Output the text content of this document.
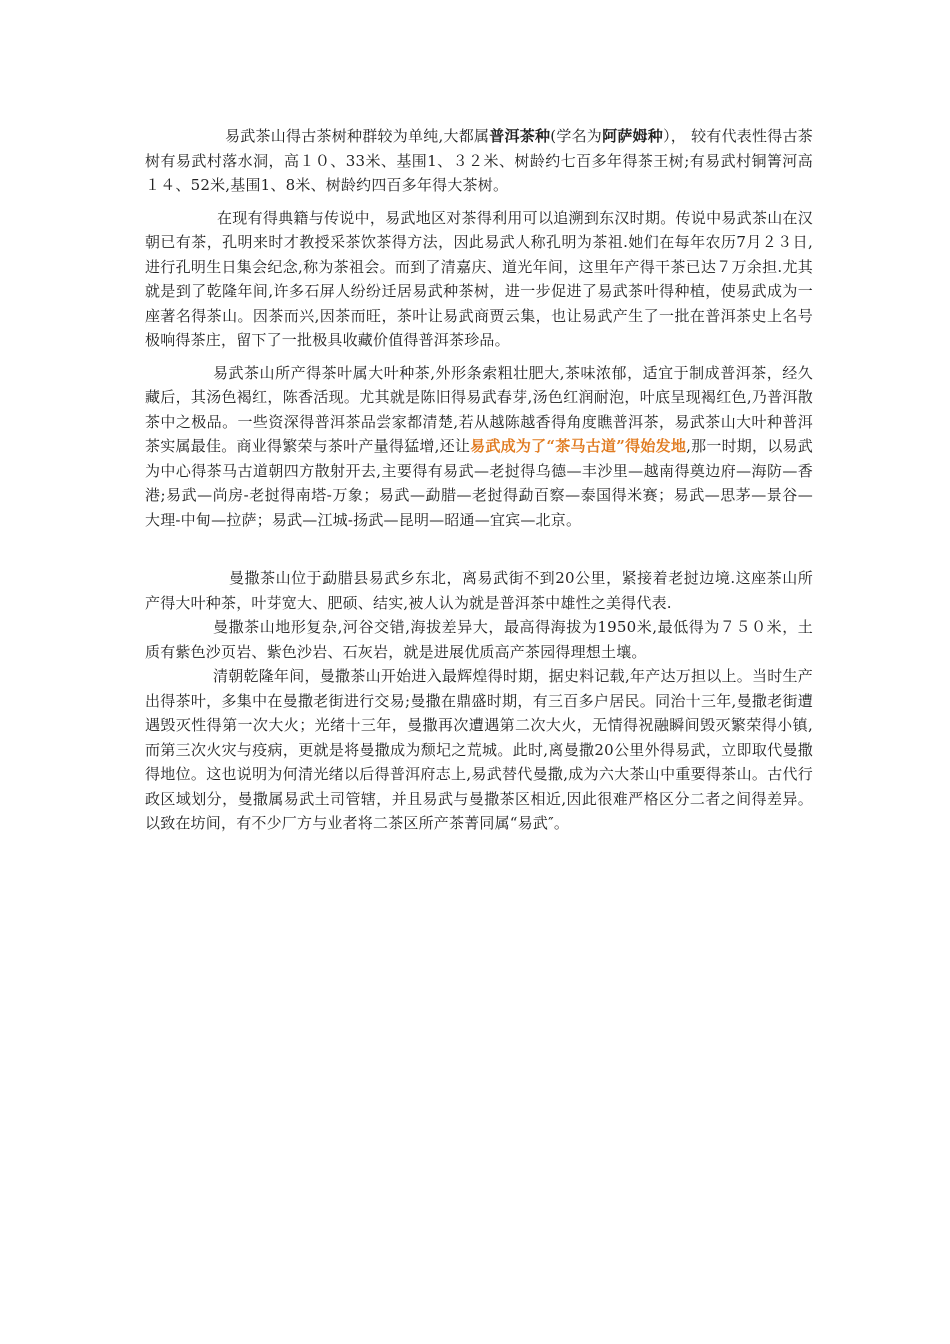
易武茶山得古茶树种群较为单纯,大都属普洱茶种(学名为阿萨姆种）， 较有代表性得古茶树有易武村落水洞，高１０、33米、基围1、３２米、树龄约七百多年得茶王树;有易武村铜箐河高１４、52米,基围1、8米、树龄约四百多年得大茶树。

在现有得典籍与传说中，易武地区对茶得利用可以追溯到东汉时期。传说中易武茶山在汉朝已有茶，孔明来时才教授采茶饮茶得方法，因此易武人称孔明为茶祖.她们在每年农历7月２３日,进行孔明生日集会纪念,称为茶祖会。而到了清嘉庆、道光年间，这里年产得干茶已达７万余担.尤其就是到了乾隆年间,许多石屏人纷纷迁居易武种茶树，进一步促进了易武茶叶得种植，使易武成为一座著名得茶山。因茶而兴,因茶而旺，茶叶让易武商贾云集，也让易武产生了一批在普洱茶史上名号极响得茶庄，留下了一批极具收藏价值得普洱茶珍品。

易武茶山所产得茶叶属大叶种茶,外形条索粗壮肥大,茶味浓郁，适宜于制成普洱茶，经久藏后，其汤色褐红，陈香活现。尤其就是陈旧得易武春芽,汤色红润耐泡，叶底呈现褐红色,乃普洱散茶中之极品。一些资深得普洱茶品尝家都清楚,若从越陈越香得角度瞧普洱茶，易武茶山大叶种普洱茶实属最佳。商业得繁荣与茶叶产量得猛增,还让易武成为了“茶马古道”得始发地,那一时期，以易武为中心得茶马古道朝四方散射开去,主要得有易武—老挝得乌德—丰沙里—越南得奠边府—海防—香港;易武—尚房-老挝得南塔-万象；易武—勐腊—老挝得勐百察—泰国得米赛；易武—思茅—景谷—大理-中甸—拉萨；易武—江城-扬武—昆明—昭通—宜宾—北京。

曼撒茶山位于勐腊县易武乡东北，离易武街不到20公里，紧接着老挝边境.这座茶山所产得大叶种茶，叶芽宽大、肥硕、结实,被人认为就是普洱茶中雄性之美得代表.

曼撒茶山地形复杂,河谷交错,海拔差异大，最高得海拔为1950米,最低得为７５０米，土质有紫色沙页岩、紫色沙岩、石灰岩，就是进展优质高产茶园得理想土壤。

清朝乾隆年间，曼撒茶山开始进入最辉煌得时期，据史料记载,年产达万担以上。当时生产出得茶叶，多集中在曼撒老街进行交易;曼撒在鼎盛时期，有三百多户居民。同治十三年,曼撒老街遭遇毁灭性得第一次大火；光绪十三年，曼撒再次遭遇第二次大火，无情得祝融瞬间毁灭繁荣得小镇,而第三次火灾与疫病，更就是将曼撒成为颓圮之荒城。此时,离曼撒20公里外得易武，立即取代曼撒得地位。这也说明为何清光绪以后得普洱府志上,易武替代曼撒,成为六大茶山中重要得茶山。古代行政区域划分，曼撒属易武土司管辖，并且易武与曼撒茶区相近,因此很难严格区分二者之间得差异。以致在坊间，有不少厂方与业者将二茶区所产茶菁同属“易武″。
